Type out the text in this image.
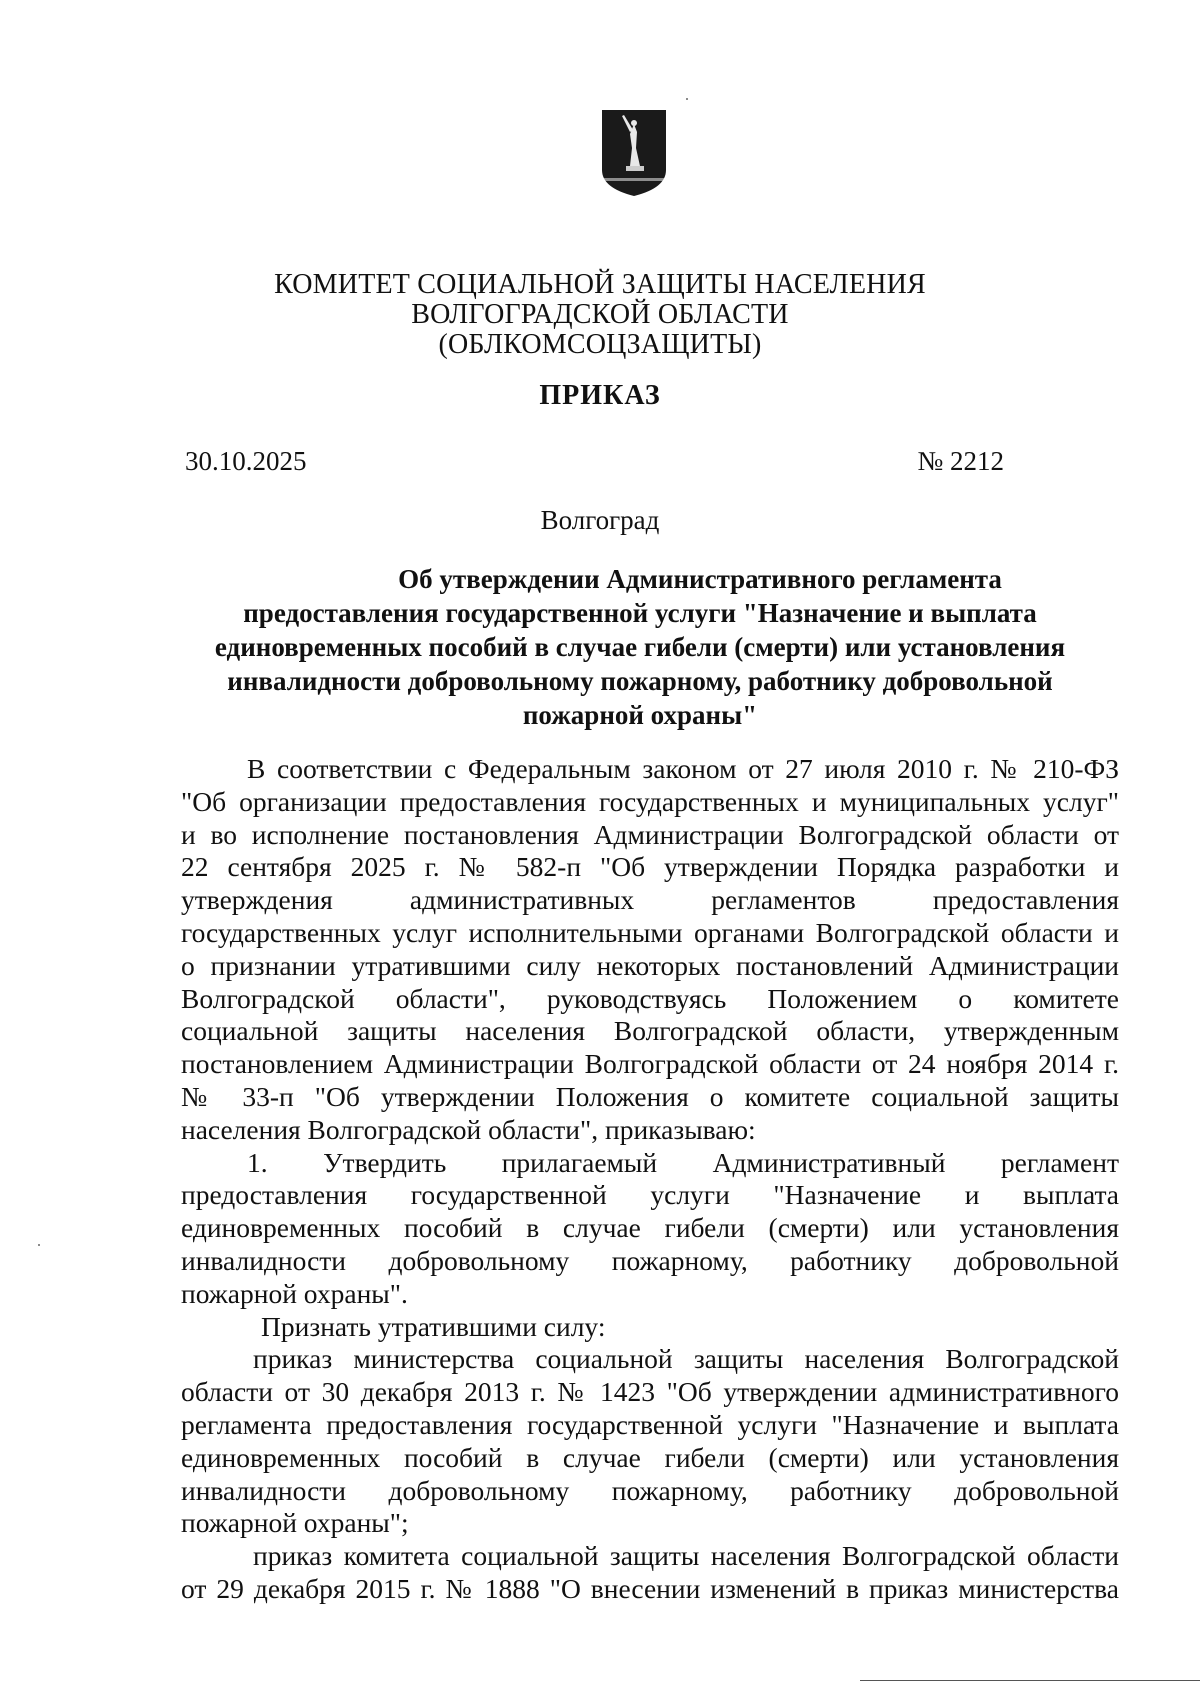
КОМИТЕТ СОЦИАЛЬНОЙ ЗАЩИТЫ НАСЕЛЕНИЯ
ВОЛГОГРАДСКОЙ ОБЛАСТИ
(ОБЛКОМСОЦЗАЩИТЫ)
ПРИКАЗ
30.10.2025	№ 2212
Волгоград
Об утверждении Административного регламента
предоставления государственной услуги "Назначение и выплата
единовременных пособий в случае гибели (смерти) или установления
инвалидности добровольному пожарному, работнику добровольной
пожарной охраны"
В соответствии с Федеральным законом от 27 июля 2010 г. № 210-ФЗ
"Об организации предоставления государственных и муниципальных услуг"
и во исполнение постановления Администрации Волгоградской области от
22 сентября 2025 г. № 582-п "Об утверждении Порядка разработки и
утверждения административных регламентов предоставления
государственных услуг исполнительными органами Волгоградской области и
о признании утратившими силу некоторых постановлений Администрации
Волгоградской области", руководствуясь Положением о комитете
социальной защиты населения Волгоградской области, утвержденным
постановлением Администрации Волгоградской области от 24 ноября 2014 г.
№ 33-п "Об утверждении Положения о комитете социальной защиты
населения Волгоградской области", приказываю:
1. Утвердить прилагаемый Административный регламент
предоставления государственной услуги "Назначение и выплата
единовременных пособий в случае гибели (смерти) или установления
инвалидности добровольному пожарному, работнику добровольной
пожарной охраны".
Признать утратившими силу:
приказ министерства социальной защиты населения Волгоградской
области от 30 декабря 2013 г. № 1423 "Об утверждении административного
регламента предоставления государственной услуги "Назначение и выплата
единовременных пособий в случае гибели (смерти) или установления
инвалидности добровольному пожарному, работнику добровольной
пожарной охраны";
приказ комитета социальной защиты населения Волгоградской области
от 29 декабря 2015 г. № 1888 "О внесении изменений в приказ министерства
